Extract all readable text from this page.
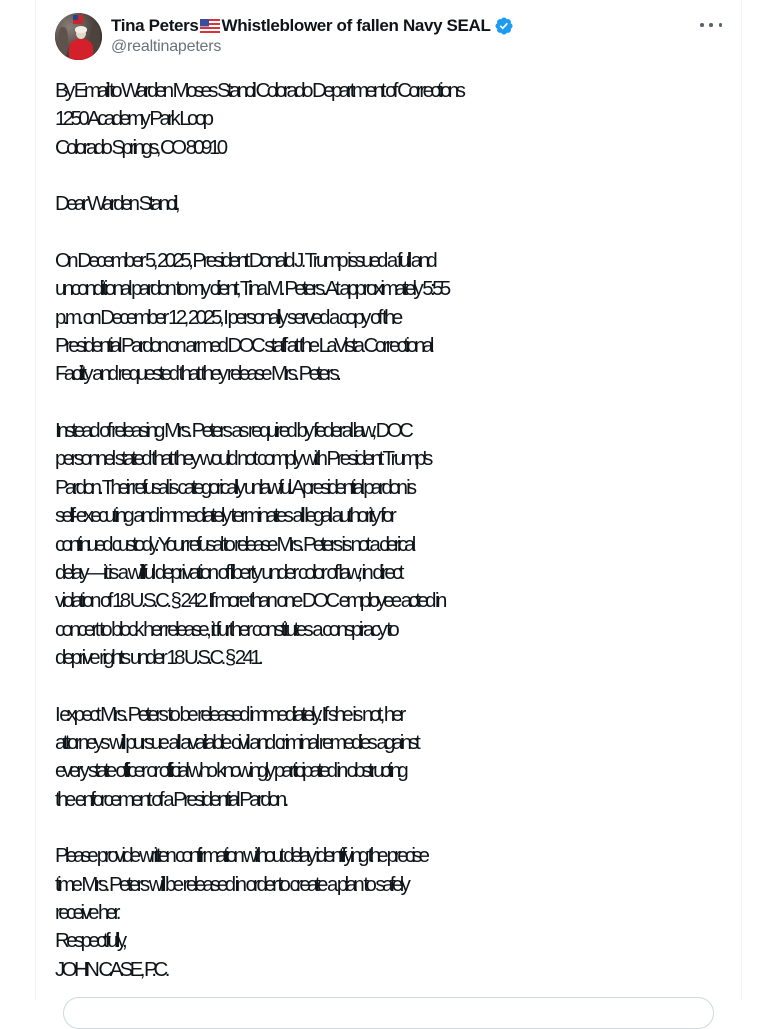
Tina Peters Whistleblower of fallen Navy SEAL
@realtinapeters
By Email to Warden Moses Stancil Colorado Department of Corrections
1250 Academy Park Loop
Colorado Springs, CO 80910
Dear Warden Stancil,
On December 5, 2025, President Donald J. Trump issued a full and
unconditional pardon to my client, Tina M. Peters. At approximately 5:55
p.m. on December 12, 2025, I personally served a copy of the
Presidential Pardon on armed DOC staff at the LaVista Correctional
Facility and requested that they release Mrs. Peters.
Instead of releasing Mrs. Peters as required by federal law, DOC
personnel stated that they would not comply with President Trump's
Pardon. Their refusal is categorically unlawful. A presidential pardon is
self-executing and immediately terminates all legal authority for
continued custody. Your refusal to release Mrs. Peters is not a clerical
delay—it is a willful deprivation of liberty under color of law, in direct
violation of 18 U.S.C. § 242. If more than one DOC employee acted in
concert to block her release, it further constitutes a conspiracy to
deprive rights under 18 U.S.C. § 241.
I expect Mrs. Peters to be released immediately. If she is not, her
attorneys will pursue all available civil and criminal remedies against
every state officer or official who knowingly participated in obstructing
the enforcement of a Presidential Pardon.
Please provide written confirmation without delay identifying the precise
time Mrs. Peters will be released in order to create a plan to safely
receive her.
Respectfully,
JOHN CASE, P.C.
